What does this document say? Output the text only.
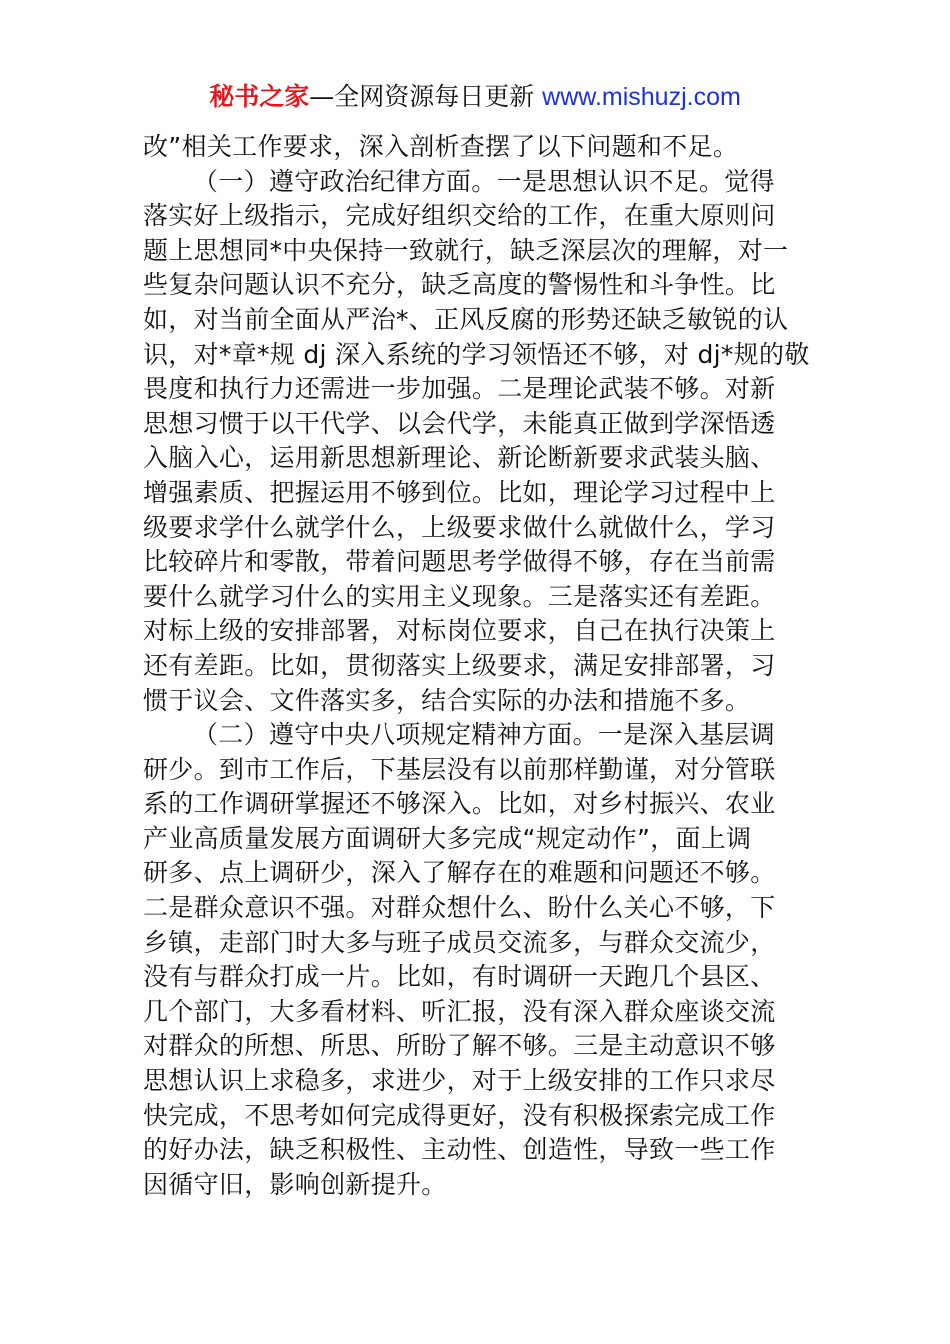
秘书之家—全网资源每日更新 www.mishuzj.com
改”相关工作要求，深入剖析查摆了以下问题和不足。
（一）遵守政治纪律方面。一是思想认识不足。觉得
落实好上级指示，完成好组织交给的工作，在重大原则问
题上思想同*中央保持一致就行，缺乏深层次的理解，对一
些复杂问题认识不充分，缺乏高度的警惕性和斗争性。比
如，对当前全面从严治*、正风反腐的形势还缺乏敏锐的认
识，对*章*规 dj 深入系统的学习领悟还不够，对 dj*规的敬
畏度和执行力还需进一步加强。二是理论武装不够。对新
思想习惯于以干代学、以会代学，未能真正做到学深悟透
入脑入心，运用新思想新理论、新论断新要求武装头脑、
增强素质、把握运用不够到位。比如，理论学习过程中上
级要求学什么就学什么，上级要求做什么就做什么，学习
比较碎片和零散，带着问题思考学做得不够，存在当前需
要什么就学习什么的实用主义现象。三是落实还有差距。
对标上级的安排部署，对标岗位要求，自己在执行决策上
还有差距。比如，贯彻落实上级要求，满足安排部署，习
惯于议会、文件落实多，结合实际的办法和措施不多。
（二）遵守中央八项规定精神方面。一是深入基层调
研少。到市工作后，下基层没有以前那样勤谨，对分管联
系的工作调研掌握还不够深入。比如，对乡村振兴、农业
产业高质量发展方面调研大多完成“规定动作”，面上调
研多、点上调研少，深入了解存在的难题和问题还不够。
二是群众意识不强。对群众想什么、盼什么关心不够，下
乡镇，走部门时大多与班子成员交流多，与群众交流少，
没有与群众打成一片。比如，有时调研一天跑几个县区、
几个部门，大多看材料、听汇报，没有深入群众座谈交流
对群众的所想、所思、所盼了解不够。三是主动意识不够
思想认识上求稳多，求进少，对于上级安排的工作只求尽
快完成，不思考如何完成得更好，没有积极探索完成工作
的好办法，缺乏积极性、主动性、创造性，导致一些工作
因循守旧，影响创新提升。
